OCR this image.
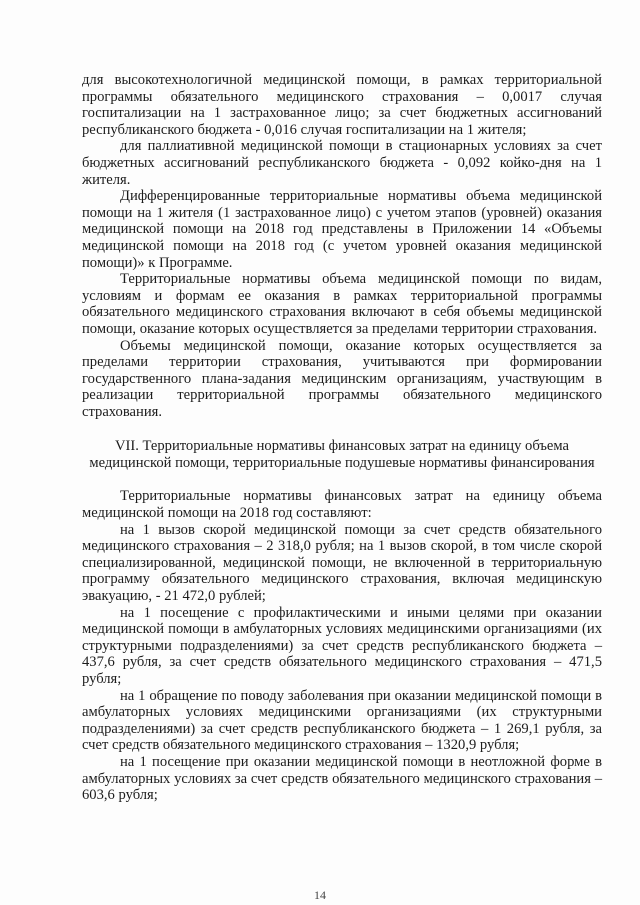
для высокотехнологичной медицинской помощи, в рамках территориальной программы обязательного медицинского страхования – 0,0017 случая госпитализации на 1 застрахованное лицо; за счет бюджетных ассигнований республиканского бюджета - 0,016 случая госпитализации на 1 жителя;

для паллиативной медицинской помощи в стационарных условиях за счет бюджетных ассигнований республиканского бюджета - 0,092 койко-дня на 1 жителя.

Дифференцированные территориальные нормативы объема медицинской помощи на 1 жителя (1 застрахованное лицо) с учетом этапов (уровней) оказания медицинской помощи на 2018 год представлены в Приложении 14 «Объемы медицинской помощи на 2018 год (с учетом уровней оказания медицинской помощи)» к Программе.

Территориальные нормативы объема медицинской помощи по видам, условиям и формам ее оказания в рамках территориальной программы обязательного медицинского страхования включают в себя объемы медицинской помощи, оказание которых осуществляется за пределами территории страхования.

Объемы медицинской помощи, оказание которых осуществляется за пределами территории страхования, учитываются при формировании государственного плана-задания медицинским организациям, участвующим в реализации территориальной программы обязательного медицинского страхования.

VII. Территориальные нормативы финансовых затрат на единицу объема медицинской помощи, территориальные подушевые нормативы финансирования

Территориальные нормативы финансовых затрат на единицу объема медицинской помощи на 2018 год составляют:

на 1 вызов скорой медицинской помощи за счет средств обязательного медицинского страхования – 2 318,0 рубля; на 1 вызов скорой, в том числе скорой специализированной, медицинской помощи, не включенной в территориальную программу обязательного медицинского страхования, включая медицинскую эвакуацию, - 21 472,0 рублей;

на 1 посещение с профилактическими и иными целями при оказании медицинской помощи в амбулаторных условиях медицинскими организациями (их структурными подразделениями) за счет средств республиканского бюджета – 437,6 рубля, за счет средств обязательного медицинского страхования – 471,5 рубля;

на 1 обращение по поводу заболевания при оказании медицинской помощи в амбулаторных условиях медицинскими организациями (их структурными подразделениями) за счет средств республиканского бюджета – 1 269,1 рубля, за счет средств обязательного медицинского страхования – 1320,9 рубля;

на 1 посещение при оказании медицинской помощи в неотложной форме в амбулаторных условиях за счет средств обязательного медицинского страхования – 603,6 рубля;

14
